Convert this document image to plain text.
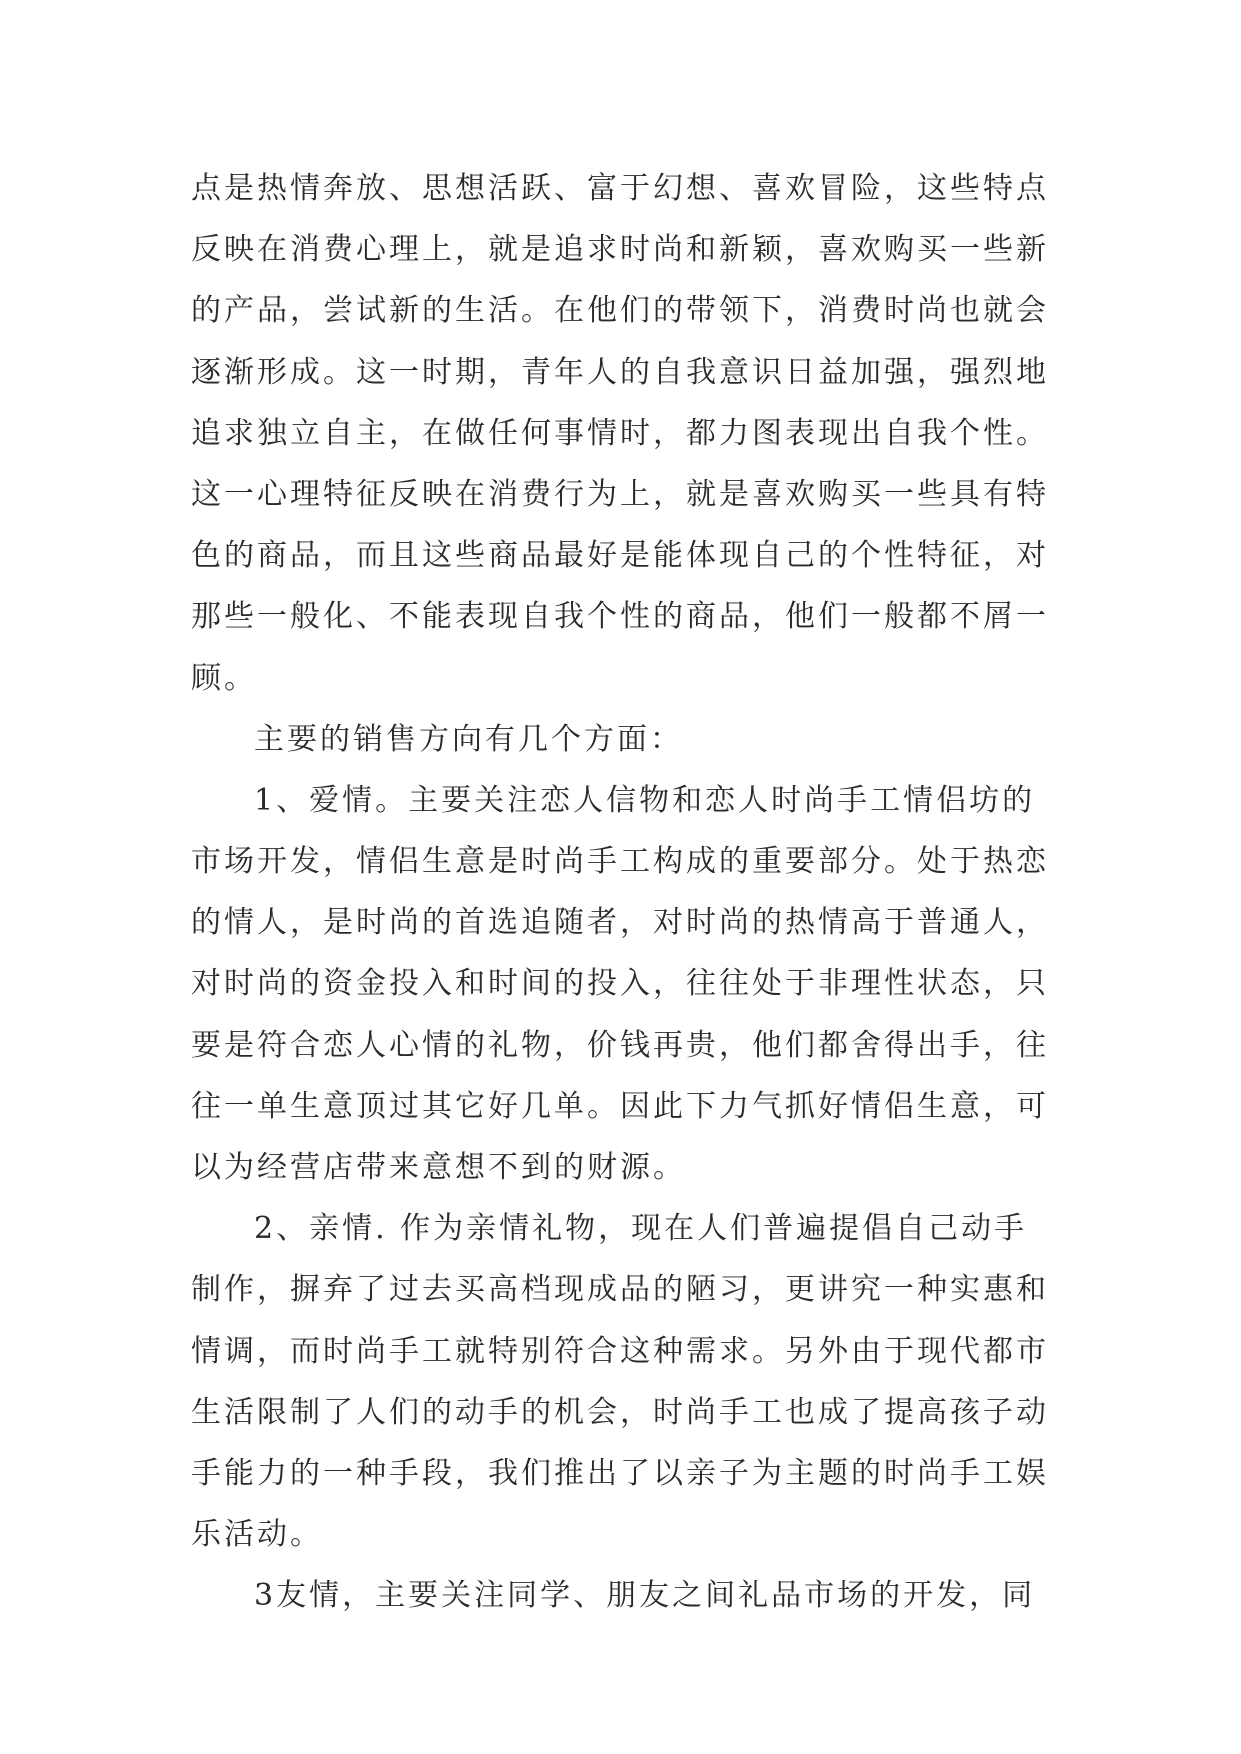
点是热情奔放、思想活跃、富于幻想、喜欢冒险，这些特点
反映在消费心理上，就是追求时尚和新颖，喜欢购买一些新
的产品，尝试新的生活。在他们的带领下，消费时尚也就会
逐渐形成。这一时期，青年人的自我意识日益加强，强烈地
追求独立自主，在做任何事情时，都力图表现出自我个性。
这一心理特征反映在消费行为上，就是喜欢购买一些具有特
色的商品，而且这些商品最好是能体现自己的个性特征，对
那些一般化、不能表现自我个性的商品，他们一般都不屑一
顾。
主要的销售方向有几个方面：
1、爱情。主要关注恋人信物和恋人时尚手工情侣坊的
市场开发，情侣生意是时尚手工构成的重要部分。处于热恋
的情人，是时尚的首选追随者，对时尚的热情高于普通人，
对时尚的资金投入和时间的投入，往往处于非理性状态，只
要是符合恋人心情的礼物，价钱再贵，他们都舍得出手，往
往一单生意顶过其它好几单。因此下力气抓好情侣生意，可
以为经营店带来意想不到的财源。
2、亲情. 作为亲情礼物，现在人们普遍提倡自己动手
制作，摒弃了过去买高档现成品的陋习，更讲究一种实惠和
情调，而时尚手工就特别符合这种需求。另外由于现代都市
生活限制了人们的动手的机会，时尚手工也成了提高孩子动
手能力的一种手段，我们推出了以亲子为主题的时尚手工娱
乐活动。
3友情，主要关注同学、朋友之间礼品市场的开发，同
